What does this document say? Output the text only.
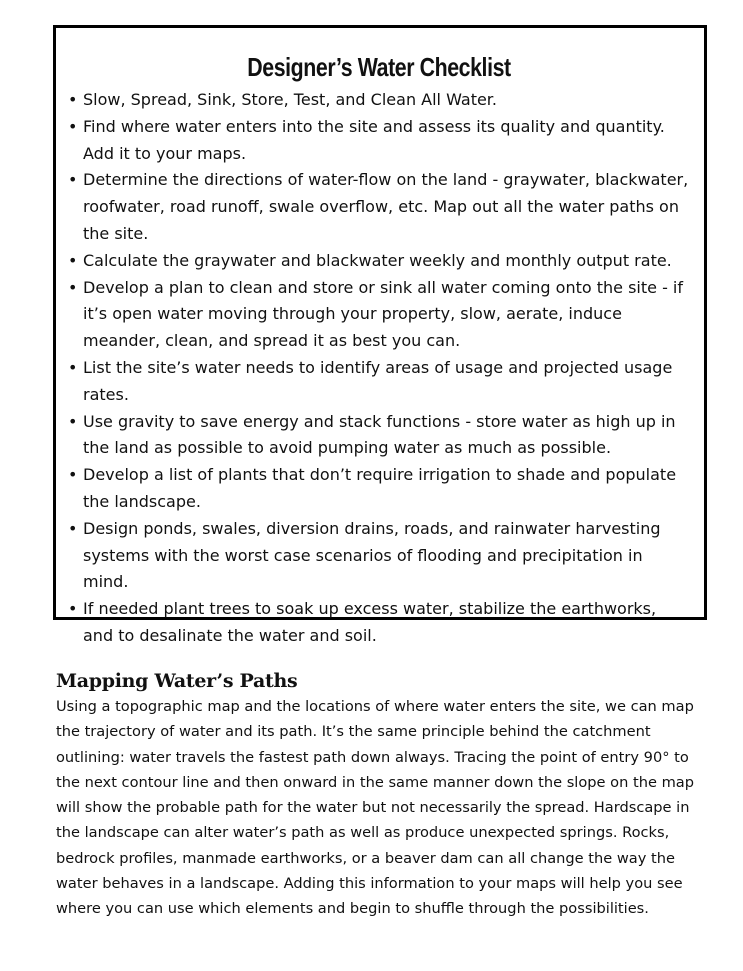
Designer’s Water Checklist
• Slow, Spread, Sink, Store, Test, and Clean All Water.
• Find where water enters into the site and assess its quality and quantity. Add it to your maps.
• Determine the directions of water-flow on the land - graywater, blackwater, roofwater, road runoff, swale overflow, etc. Map out all the water paths on the site.
• Calculate the graywater and blackwater weekly and monthly output rate.
• Develop a plan to clean and store or sink all water coming onto the site - if it’s open water moving through your property, slow, aerate, induce meander, clean, and spread it as best you can.
• List the site’s water needs to identify areas of usage and projected usage rates.
• Use gravity to save energy and stack functions - store water as high up in the land as possible to avoid pumping water as much as possible.
• Develop a list of plants that don’t require irrigation to shade and populate the landscape.
• Design ponds, swales, diversion drains, roads, and rainwater harvesting systems with the worst case scenarios of flooding and precipitation in mind.
• If needed plant trees to soak up excess water, stabilize the earthworks, and to desalinate the water and soil.
Mapping Water’s Paths

Using a topographic map and the locations of where water enters the site, we can map the trajectory of water and its path. It’s the same principle behind the catchment outlining: water travels the fastest path down always. Tracing the point of entry 90° to the next contour line and then onward in the same manner down the slope on the map will show the probable path for the water but not necessarily the spread. Hardscape in the landscape can alter water’s path as well as produce unexpected springs. Rocks, bedrock profiles, manmade earthworks, or a beaver dam can all change the way the water behaves in a landscape. Adding this information to your maps will help you see where you can use which elements and begin to shuffle through the possibilities.
